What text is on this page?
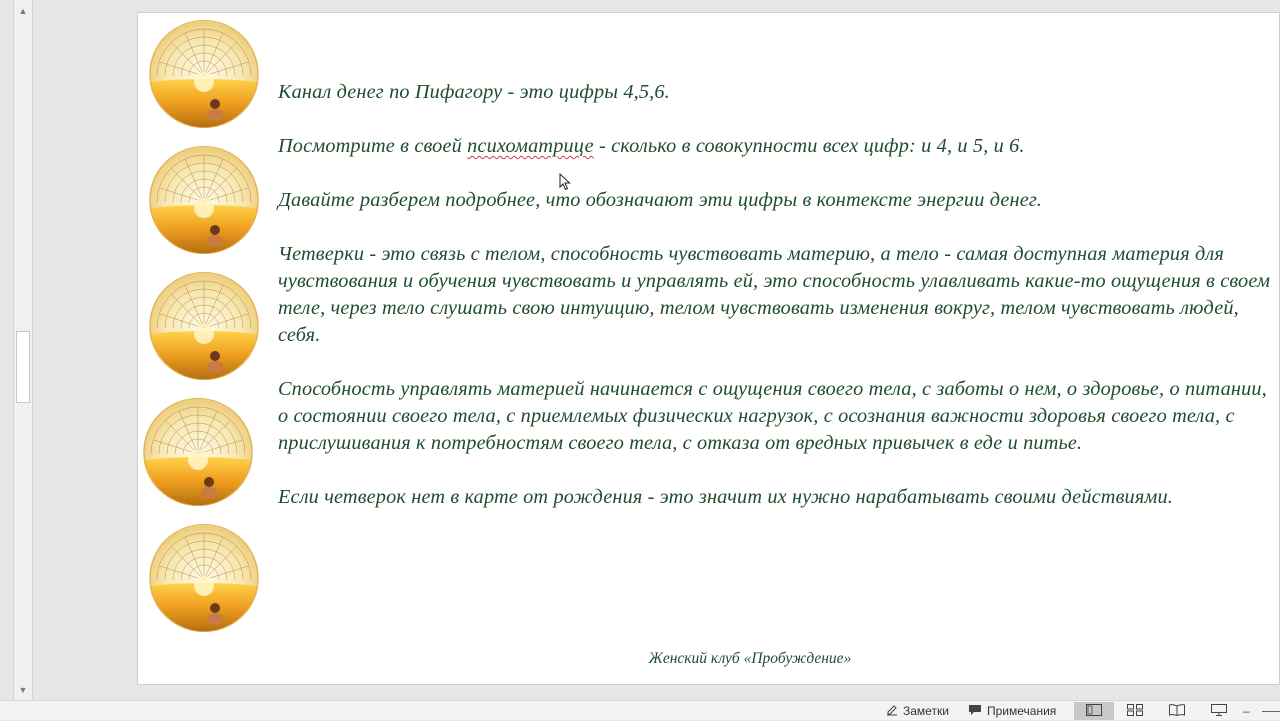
▲
▼

Канал денег по Пифагору - это цифры 4,5,6.

Посмотрите в своей психоматрице - сколько в совокупности всех цифр: и 4, и 5, и 6.

Давайте разберем подробнее, что обозначают эти цифры в контексте энергии денег.

Четверки - это связь с телом, способность чувствовать материю, а тело - самая доступная материя для чувствования и обучения чувствовать и управлять ей, это способность улавливать какие-то ощущения в своем теле, через тело слушать свою интуицию, телом чувствовать изменения вокруг, телом чувствовать людей, себя.

Способность управлять материей начинается с ощущения своего тела, с заботы о нем, о здоровье, о питании, о состоянии своего тела, с приемлемых физических нагрузок, с осознания важности здоровья своего тела, с прислушивания к потребностям своего тела, с отказа от вредных привычек в еде и питье.

Если четверок нет в карте от рождения - это значит их нужно нарабатывать своими действиями.

Женский клуб «Пробуждение»
Заметки	Примечания	–
